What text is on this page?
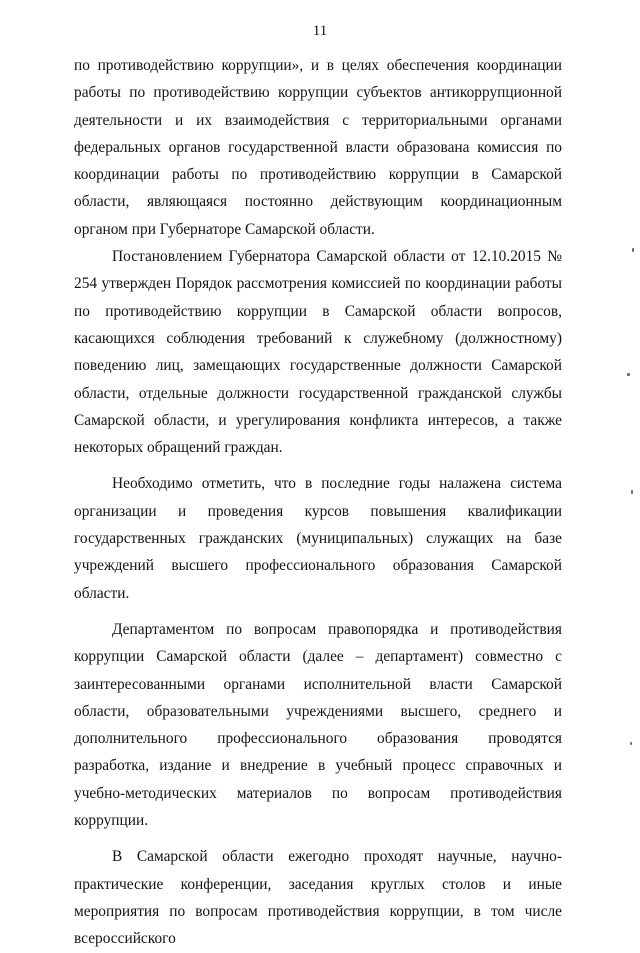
11

по противодействию коррупции», и в целях обеспечения координации работы по противодействию коррупции субъектов антикоррупционной деятельности и их взаимодействия с территориальными органами федеральных органов государственной власти образована комиссия по координации работы по противодействию коррупции в Самарской области, являющаяся постоянно действующим координационным органом при Губернаторе Самарской области.

Постановлением Губернатора Самарской области от 12.10.2015 № 254 утвержден Порядок рассмотрения комиссией по координации работы по противодействию коррупции в Самарской области вопросов, касающихся соблюдения требований к служебному (должностному) поведению лиц, замещающих государственные должности Самарской области, отдельные должности государственной гражданской службы Самарской области, и урегулирования конфликта интересов, а также некоторых обращений граждан.

Необходимо отметить, что в последние годы налажена система организации и проведения курсов повышения квалификации государственных гражданских (муниципальных) служащих на базе учреждений высшего профессионального образования Самарской области.

Департаментом по вопросам правопорядка и противодействия коррупции Самарской области (далее – департамент) совместно с заинтересованными органами исполнительной власти Самарской области, образовательными учреждениями высшего, среднего и дополнительного профессионального образования проводятся разработка, издание и внедрение в учебный процесс справочных и учебно-методических материалов по вопросам противодействия коррупции.

В Самарской области ежегодно проходят научные, научно-практические конференции, заседания круглых столов и иные мероприятия по вопросам противодействия коррупции, в том числе всероссийского
